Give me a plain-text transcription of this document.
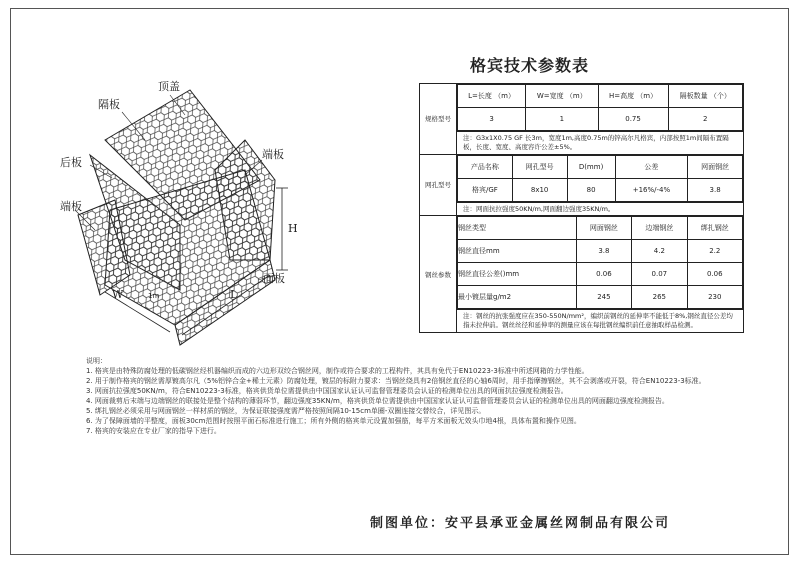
顶盖
隔板
后板
端板
端板
面板
W	L
H
1m
格宾技术参数表
规格型号	
L=长度 （m）	W=宽度 （m）	H=高度 （m）	隔板数量 （个）
3	1	0.75	2

注：G3x1X0.75 GF 长3m，宽度1m,高度0.75m的锌高尔凡格宾，内部按照1m间隔布置隔板，长度、宽度、高度容许公差±5%。
网孔型号	
产品名称	网孔型号	D(mm)	公差	网面钢丝
格宾/GF	8x10	80	+16%/-4%	3.8

注：网面抗拉强度50KN/m,网面翻边强度35KN/m。
钢丝参数	
钢丝类型	网面钢丝	边端钢丝	绑扎钢丝
钢丝直径mm	3.8	4.2	2.2
钢丝直径公差()mm	0.06	0.07	0.06
最小镀层量g/m2	245	265	230

注：钢丝的抗张强度应在350-550N/mm²，编织前钢丝的延伸率不能低于8%,钢丝直径公差均指未拉伸前。钢丝丝径和延伸率的测量应该在每批钢丝编织前任意抽取样品检测。

说明：

1. 格宾是由特殊防腐处理的低碳钢丝经机器编织而成的六边形双绞合钢丝网，制作或符合要求的工程构件，其具有免代于EN10223-3标准中所述网箱的力学性能。

2. 用于制作格宾的钢丝需厚镀高尔凡（5%铝锌合金+稀土元素）防腐处理，镀层的标附力要求：当钢丝绕具有2倍钢丝直径的心轴6周时，用手指摩擦钢丝，其不会剥落或开裂，符合EN10223-3标准。

3. 网面抗拉强度50KN/m，符合EN10223-3标准，格宾供货单位需提供由中国国家认证认可监督管理委员会认证的检测单位出具的网面抗拉强度检测报告。

4. 网面裁剪后末端与边端钢丝的联接处是整个结构的薄弱环节，翻边强度35KN/m，格宾供货单位需提供由中国国家认证认可监督管理委员会认证的检测单位出具的网面翻边强度检测报告。

5. 绑扎钢丝必须采用与网面钢丝一样材质的钢丝，为保证联接强度需严格按照间隔10-15cm单圈-双圈连接交替绞合，详见图示。

6. 为了保障面墙的平整度，面板30cm范围时按照平面石标准进行施工；所有外侧的格宾单元设置加强筋，每平方米面板无效头巾地4根，具体布置和操作见图。

7. 格宾的安装应在专业厂家的指导下进行。

制图单位：安平县承亚金属丝网制品有限公司
